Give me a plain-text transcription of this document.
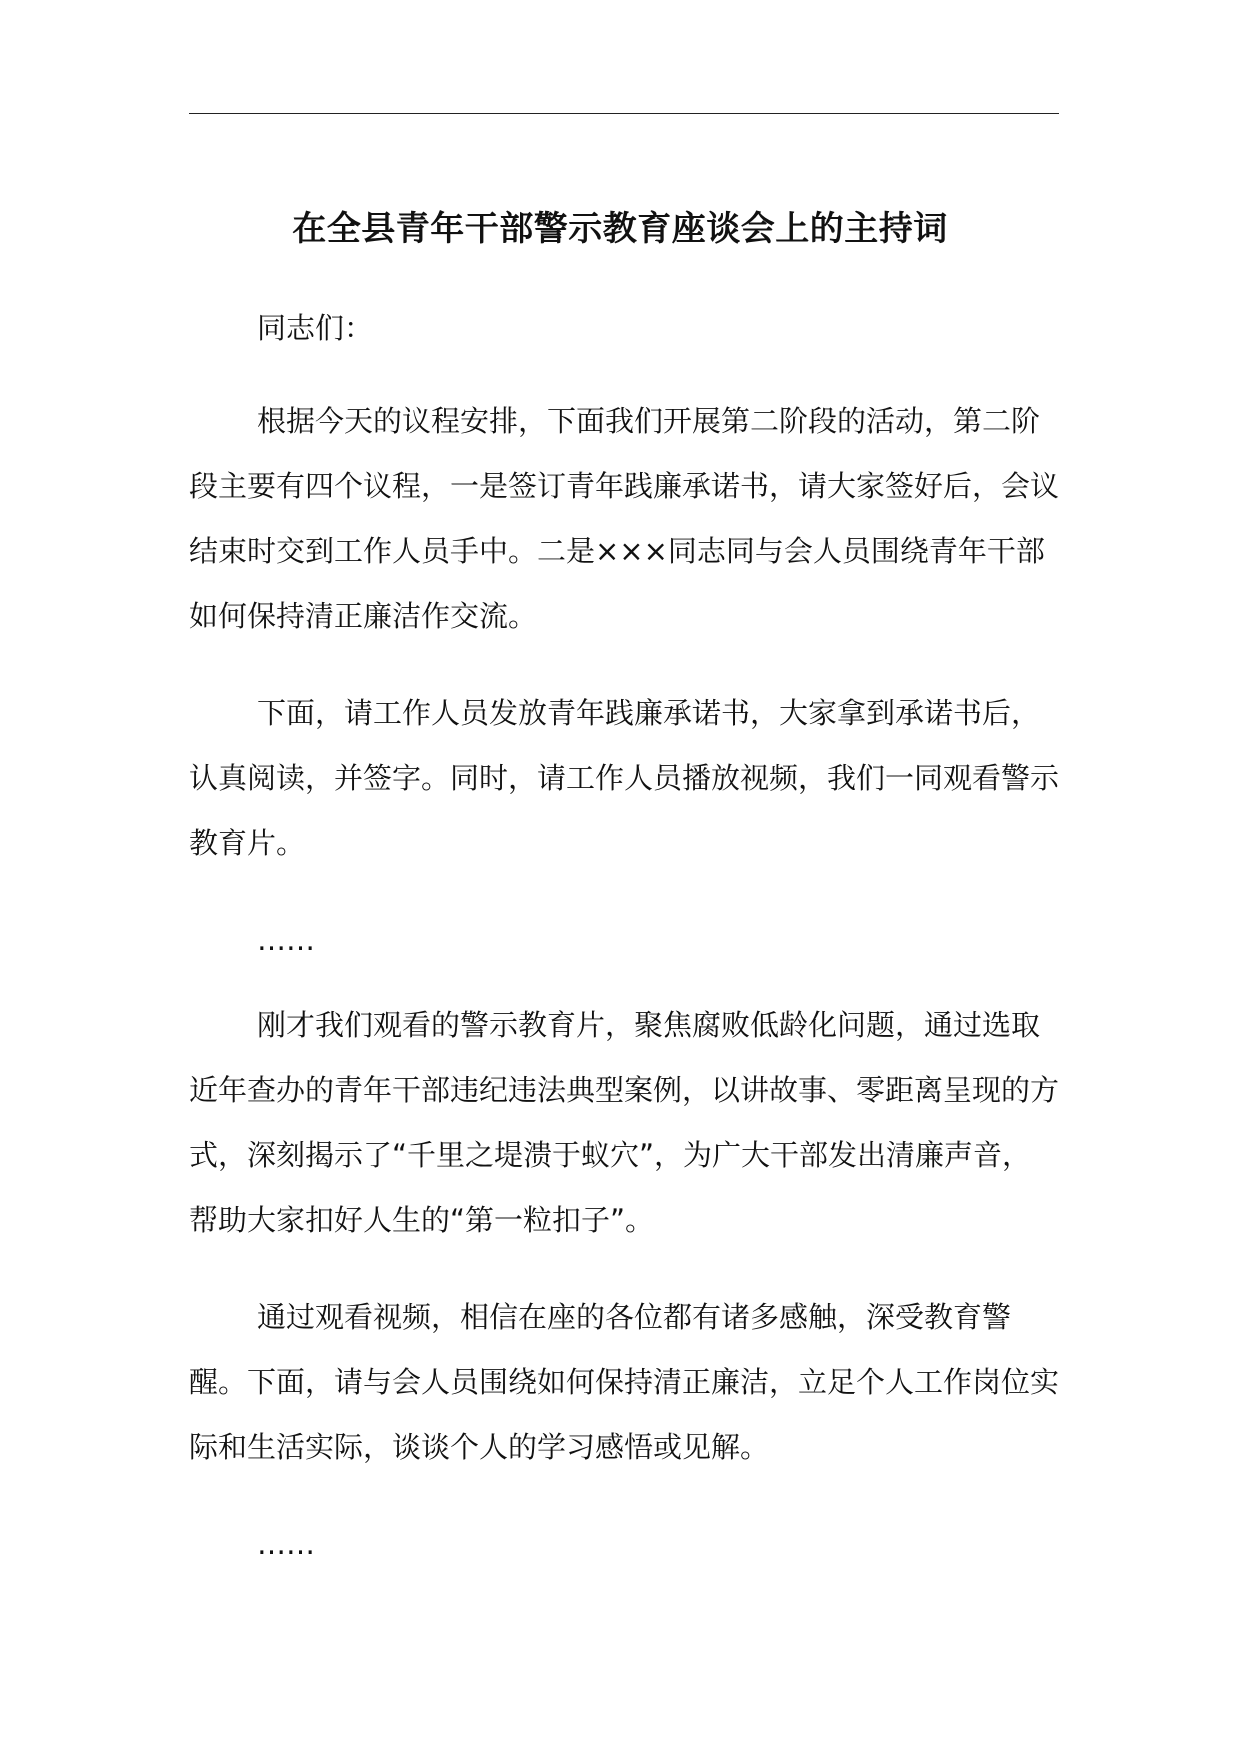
在全县青年干部警示教育座谈会上的主持词

同志们：

根据今天的议程安排，下面我们开展第二阶段的活动，第二阶段主要有四个议程，一是签订青年践廉承诺书，请大家签好后，会议结束时交到工作人员手中。二是×××同志同与会人员围绕青年干部如何保持清正廉洁作交流。

下面，请工作人员发放青年践廉承诺书，大家拿到承诺书后，认真阅读，并签字。同时，请工作人员播放视频，我们一同观看警示教育片。

……

刚才我们观看的警示教育片，聚焦腐败低龄化问题，通过选取近年查办的青年干部违纪违法典型案例，以讲故事、零距离呈现的方式，深刻揭示了“千里之堤溃于蚁穴”，为广大干部发出清廉声音，帮助大家扣好人生的“第一粒扣子”。

通过观看视频，相信在座的各位都有诸多感触，深受教育警醒。下面，请与会人员围绕如何保持清正廉洁，立足个人工作岗位实际和生活实际，谈谈个人的学习感悟或见解。

……
